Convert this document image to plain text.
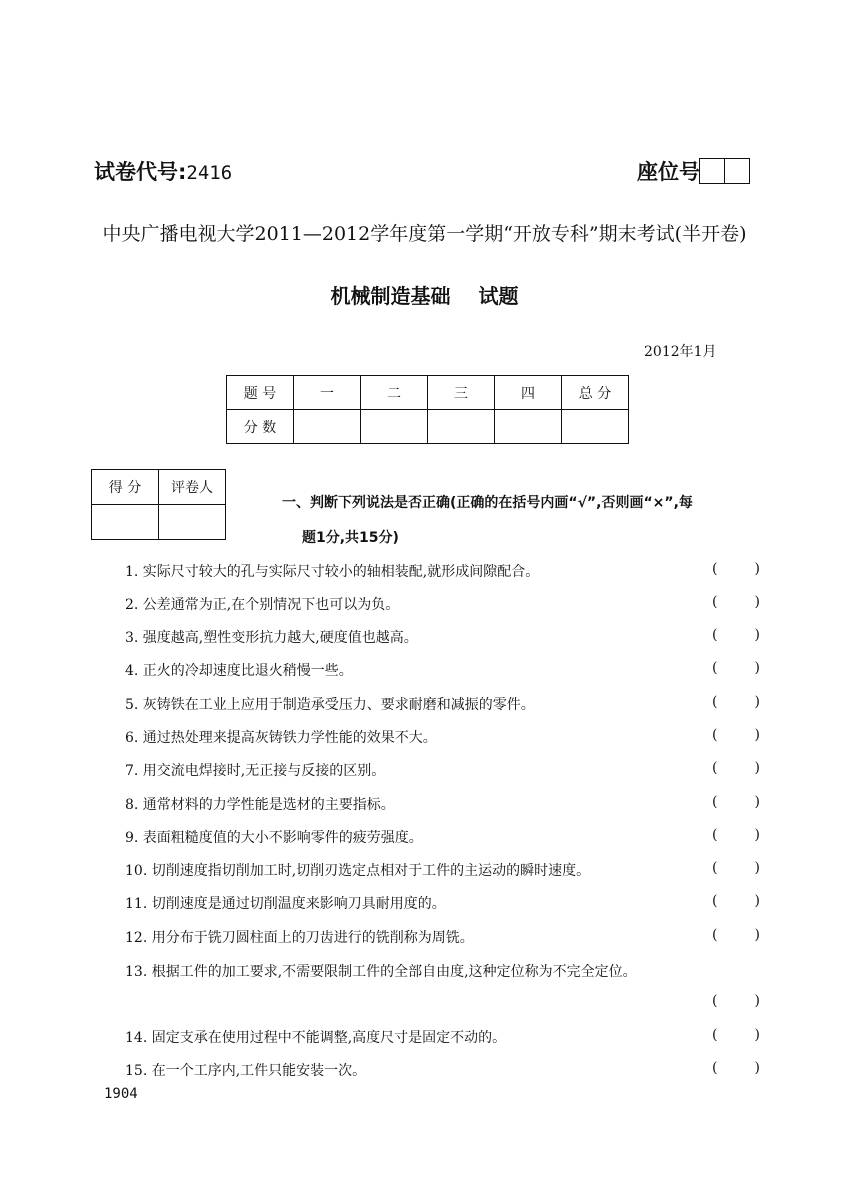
试卷代号:2416	座位号
中央广播电视大学2011—2012学年度第一学期“开放专科”期末考试(半开卷)
机械制造基础 试题
2012年1月
题 号	一	二	三	四	总 分
分 数					
得 分	评卷人

一、判断下列说法是否正确(正确的在括号内画“√”,否则画“×”,每
题1分,共15分)
1. 实际尺寸较大的孔与实际尺寸较小的轴相装配,就形成间隙配合。	(	)
2. 公差通常为正,在个别情况下也可以为负。	(	)
3. 强度越高,塑性变形抗力越大,硬度值也越高。	(	)
4. 正火的冷却速度比退火稍慢一些。	(	)
5. 灰铸铁在工业上应用于制造承受压力、要求耐磨和减振的零件。	(	)
6. 通过热处理来提高灰铸铁力学性能的效果不大。	(	)
7. 用交流电焊接时,无正接与反接的区别。	(	)
8. 通常材料的力学性能是选材的主要指标。	(	)
9. 表面粗糙度值的大小不影响零件的疲劳强度。	(	)
10. 切削速度指切削加工时,切削刃选定点相对于工件的主运动的瞬时速度。	(	)
11. 切削速度是通过切削温度来影响刀具耐用度的。	(	)
12. 用分布于铣刀圆柱面上的刀齿进行的铣削称为周铣。	(	)
13. 根据工件的加工要求,不需要限制工件的全部自由度,这种定位称为不完全定位。
(	)
14. 固定支承在使用过程中不能调整,高度尺寸是固定不动的。	(	)
15. 在一个工序内,工件只能安装一次。	(	)
1904
